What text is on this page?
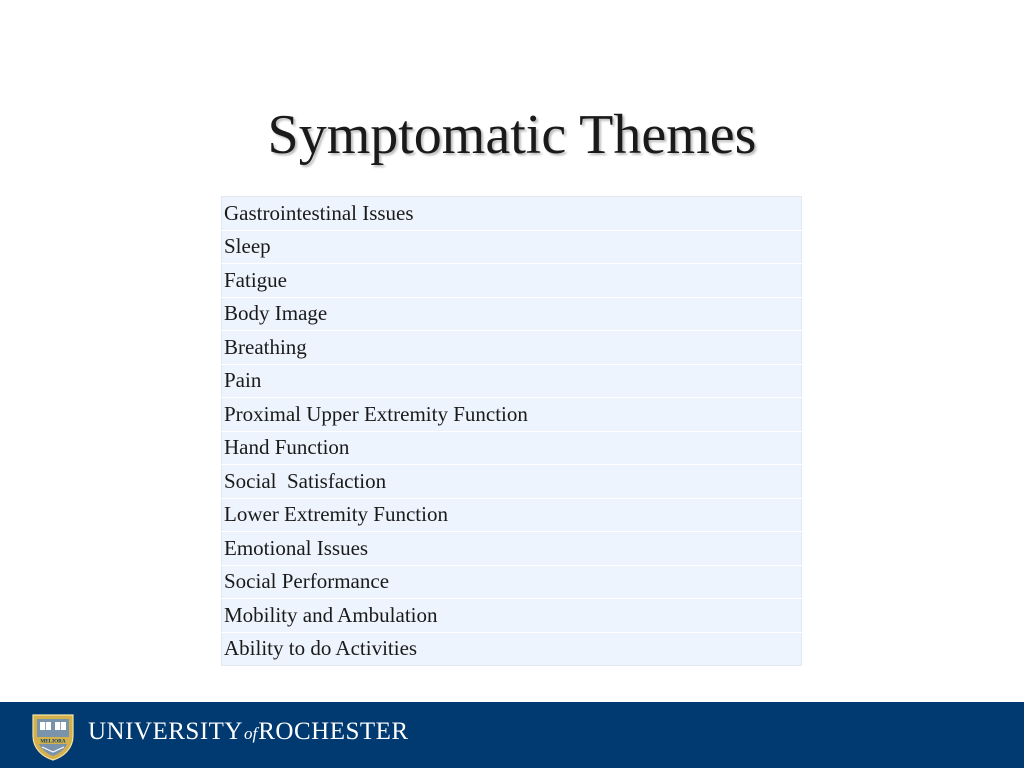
Symptomatic Themes
Gastrointestinal Issues
Sleep
Fatigue
Body Image
Breathing
Pain
Proximal Upper Extremity Function
Hand Function
Social  Satisfaction
Lower Extremity Function
Emotional Issues
Social Performance
Mobility and Ambulation
Ability to do Activities
MELIORA UNIVERSITYofROCHESTER
